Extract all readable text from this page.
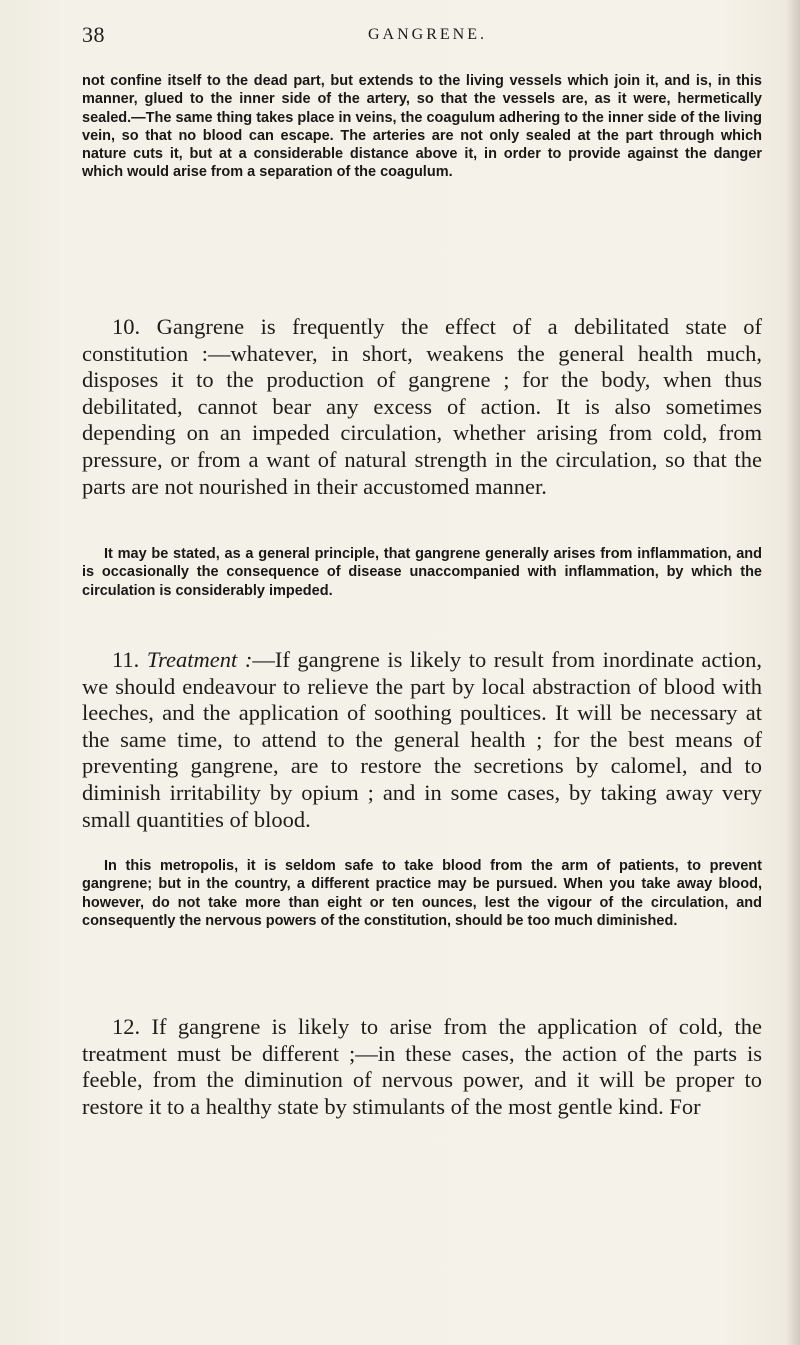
38	GANGRENE.

not confine itself to the dead part, but extends to the living vessels which join it, and is, in this manner, glued to the inner side of the artery, so that the vessels are, as it were, hermetically sealed.—The same thing takes place in veins, the coagulum adhering to the inner side of the living vein, so that no blood can escape. The arteries are not only sealed at the part through which nature cuts it, but at a considerable distance above it, in order to provide against the danger which would arise from a separation of the coagulum.

10. Gangrene is frequently the effect of a debilitated state of constitution :—whatever, in short, weakens the general health much, disposes it to the production of gangrene ; for the body, when thus debilitated, cannot bear any excess of action. It is also sometimes depending on an impeded circulation, whether arising from cold, from pressure, or from a want of natural strength in the circulation, so that the parts are not nourished in their accustomed manner.

It may be stated, as a general principle, that gangrene generally arises from inflammation, and is occasionally the consequence of disease unaccompanied with inflammation, by which the circulation is considerably impeded.

11. Treatment :—If gangrene is likely to result from inordinate action, we should endeavour to relieve the part by local abstraction of blood with leeches, and the application of soothing poultices. It will be necessary at the same time, to attend to the general health ; for the best means of preventing gangrene, are to restore the secretions by calomel, and to diminish irritability by opium ; and in some cases, by taking away very small quantities of blood.

In this metropolis, it is seldom safe to take blood from the arm of patients, to prevent gangrene; but in the country, a different practice may be pursued. When you take away blood, however, do not take more than eight or ten ounces, lest the vigour of the circulation, and consequently the nervous powers of the constitution, should be too much diminished.

12. If gangrene is likely to arise from the application of cold, the treatment must be different ;—in these cases, the action of the parts is feeble, from the diminution of nervous power, and it will be proper to restore it to a healthy state by stimulants of the most gentle kind. For
